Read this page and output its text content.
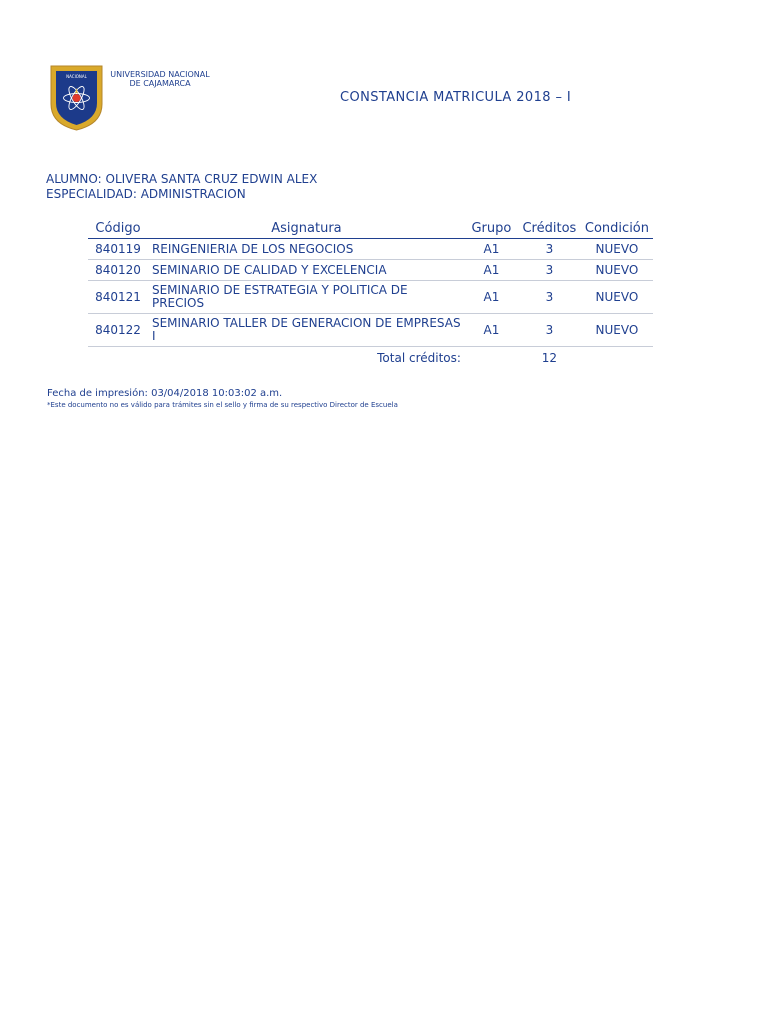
NACIONAL	UNIVERSIDAD NACIONAL
DE CAJAMARCA
CONSTANCIA MATRICULA 2018 – I
ALUMNO: OLIVERA SANTA CRUZ EDWIN ALEX
ESPECIALIDAD: ADMINISTRACION
Código	Asignatura	Grupo	Créditos	Condición
840119	REINGENIERIA DE LOS NEGOCIOS	A1	3	NUEVO
840120	SEMINARIO DE CALIDAD Y EXCELENCIA	A1	3	NUEVO
840121	SEMINARIO DE ESTRATEGIA Y POLITICA DE PRECIOS	A1	3	NUEVO
840122	SEMINARIO TALLER DE GENERACION DE EMPRESAS I	A1	3	NUEVO
	Total créditos:		12	
Fecha de impresión: 03/04/2018 10:03:02 a.m.
*Este documento no es válido para trámites sin el sello y firma de su respectivo Director de Escuela
